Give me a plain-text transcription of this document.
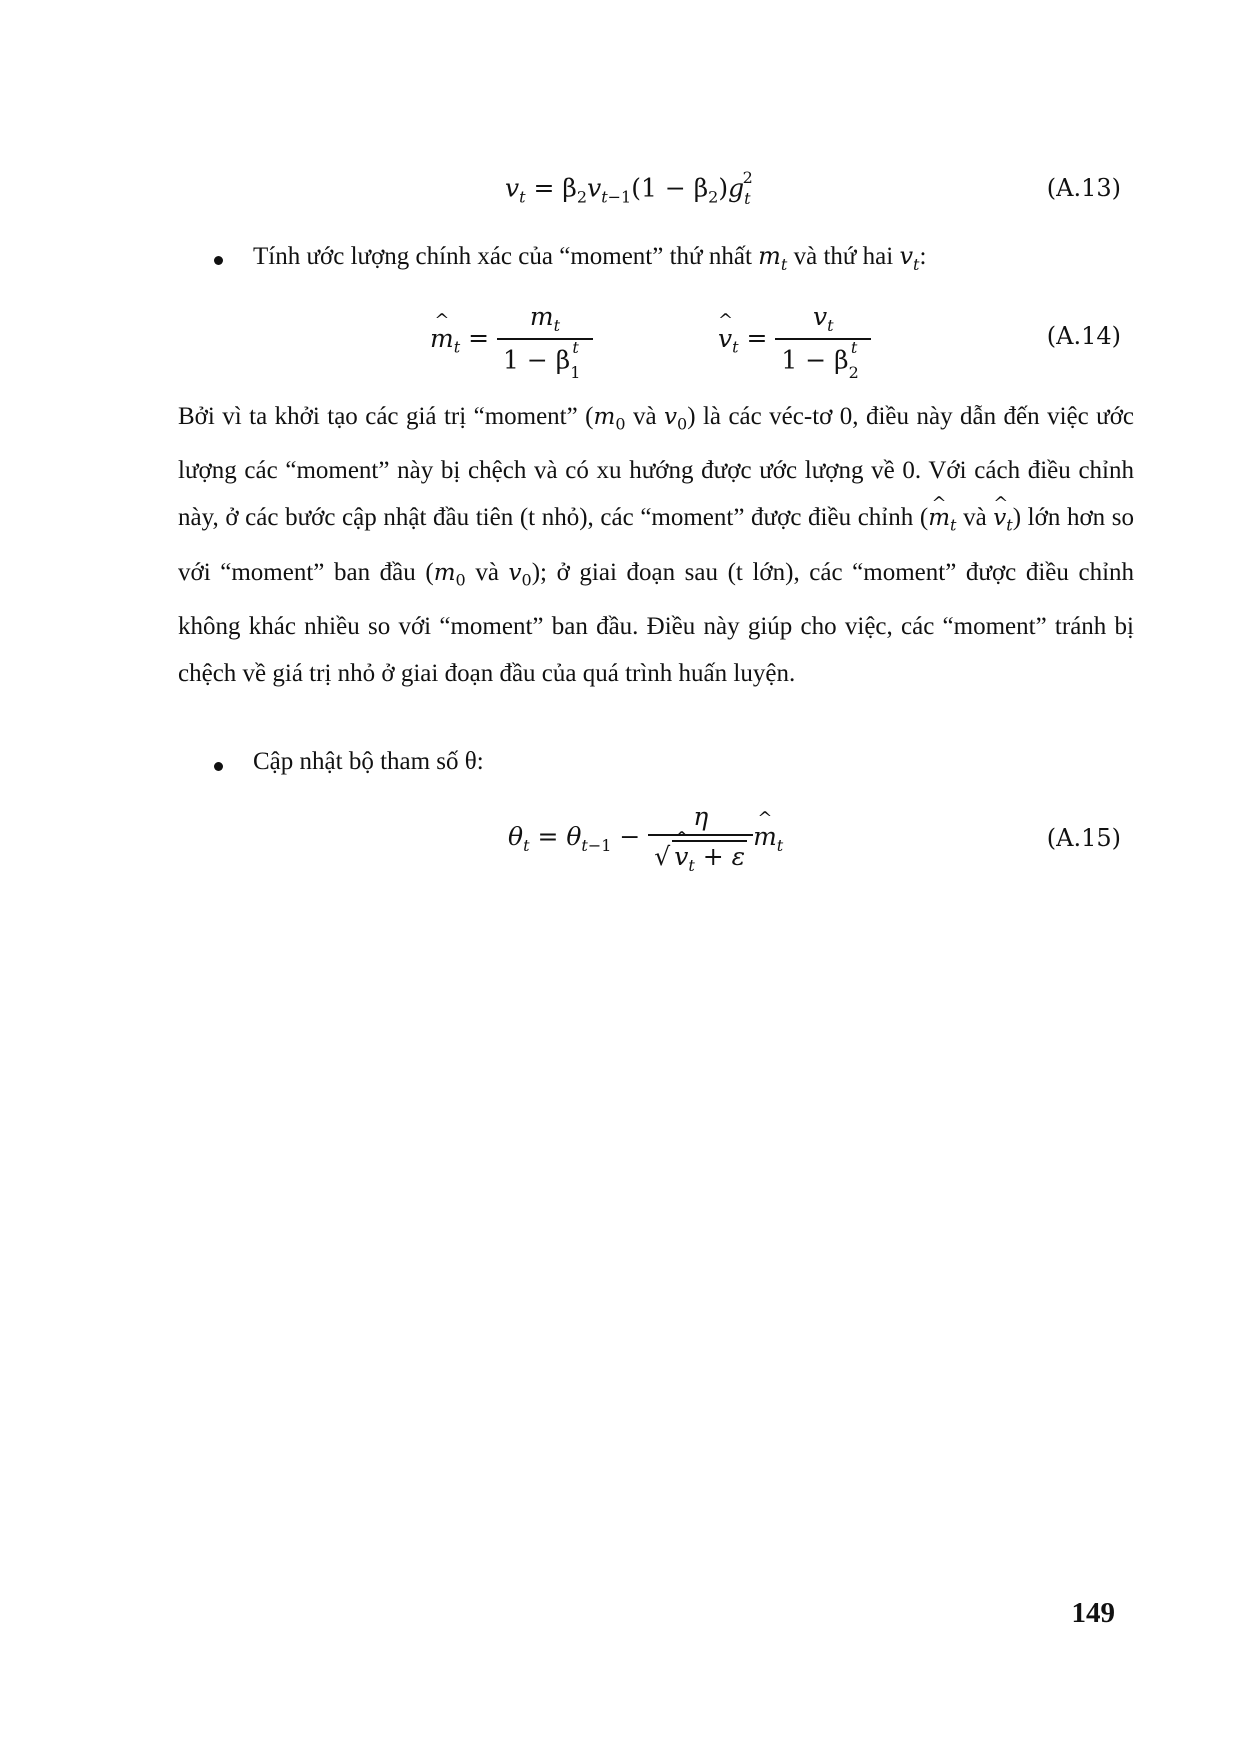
$v_t = \beta_2v_{t-1}(1 - \beta_2)g_t^2$	(A.13)
Tính ước lượng chính xác của “moment” thứ nhất $m_t$ và thứ hai $v_t$:
^ $m_t = \frac{m_t}{1 - \beta_1^t}$	^ $v_t = \frac{v_t}{1 - \beta_2^t}$	(A.14)
Bởi vì ta khởi tạo các giá trị “moment” ($m_0$ và $v_0$) là các véc-tơ 0, điều này dẫn đến việc ước lượng các “moment” này bị chệch và có xu hướng được ước lượng về 0. Với cách điều chỉnh này, ở các bước cập nhật đầu tiên (t nhỏ), các “moment” được điều chỉnh (^ $m_t$ và ^ $v_t$) lớn hơn so với “moment” ban đầu ($m_0$ và $v_0$); ở giai đoạn sau (t lớn), các “moment” được điều chỉnh không khác nhiều so với “moment” ban đầu. Điều này giúp cho việc, các “moment” tránh bị chệch về giá trị nhỏ ở giai đoạn đầu của quá trình huấn luyện.
Cập nhật bộ tham số θ:
$\theta_t = \theta_{t-1} - \frac{\eta}{√ \^{} v_t + \varepsilon}$ ^ $m_t$	(A.15)
149
